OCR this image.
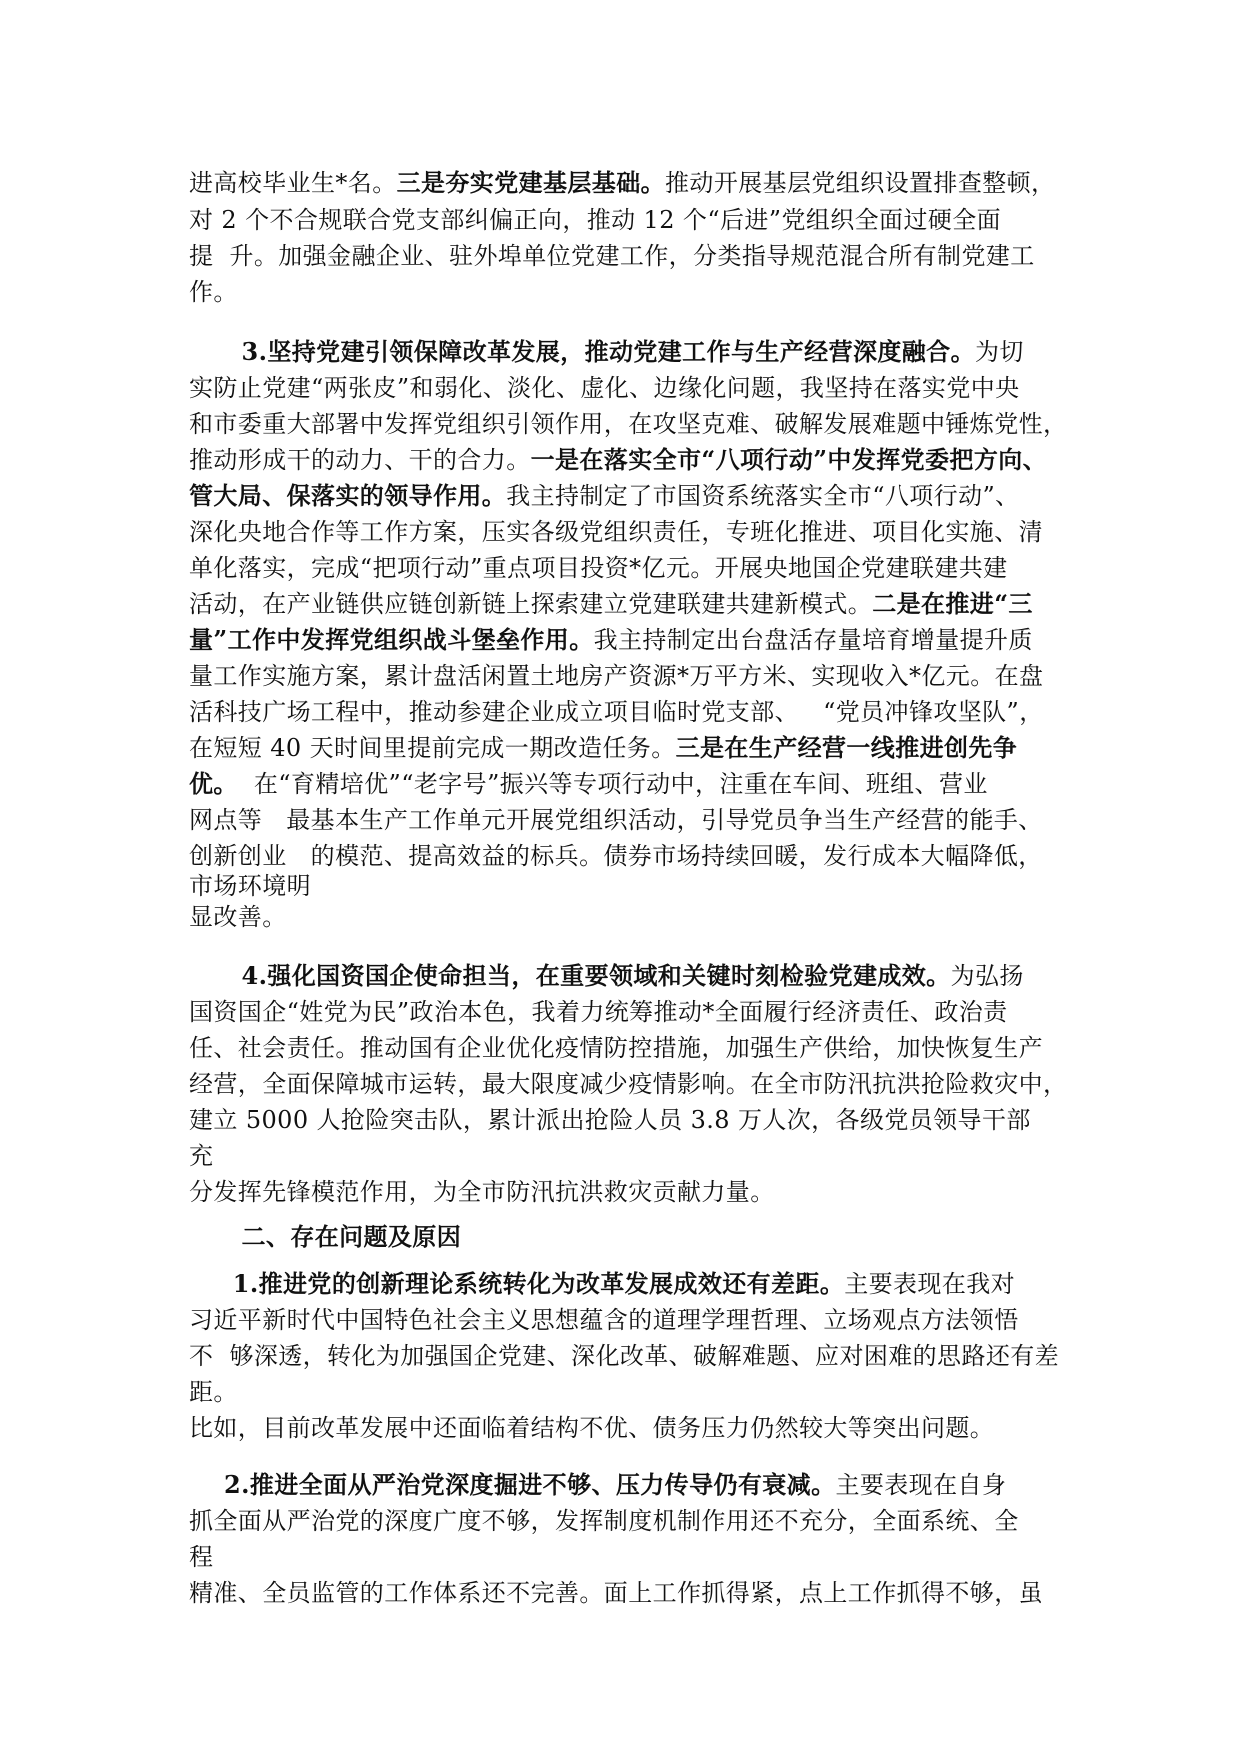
进高校毕业生*名。三是夯实党建基层基础。推动开展基层党组织设置排查整顿，
对 2 个不合规联合党支部纠偏正向，推动 12 个“后进”党组织全面过硬全面
提  升。加强金融企业、驻外埠单位党建工作，分类指导规范混合所有制党建工
作。
3.坚持党建引领保障改革发展，推动党建工作与生产经营深度融合。为切
实防止党建“两张皮”和弱化、淡化、虚化、边缘化问题，我坚持在落实党中央
和市委重大部署中发挥党组织引领作用，在攻坚克难、破解发展难题中锤炼党性，
推动形成干的动力、干的合力。一是在落实全市“八项行动”中发挥党委把方向、
管大局、保落实的领导作用。我主持制定了市国资系统落实全市“八项行动”、
深化央地合作等工作方案，压实各级党组织责任，专班化推进、项目化实施、清
单化落实，完成“把项行动”重点项目投资*亿元。开展央地国企党建联建共建
活动，在产业链供应链创新链上探索建立党建联建共建新模式。二是在推进“三
量”工作中发挥党组织战斗堡垒作用。我主持制定出台盘活存量培育增量提升质
量工作实施方案，累计盘活闲置土地房产资源*万平方米、实现收入*亿元。在盘
活科技广场工程中，推动参建企业成立项目临时党支部、   “党员冲锋攻坚队”，
在短短 40 天时间里提前完成一期改造任务。三是在生产经营一线推进创先争
优。  在“育精培优”“老字号”振兴等专项行动中，注重在车间、班组、营业
网点等   最基本生产工作单元开展党组织活动，引导党员争当生产经营的能手、
创新创业   的模范、提高效益的标兵。债券市场持续回暖，发行成本大幅降低，
市场环境明
显改善。
4.强化国资国企使命担当，在重要领域和关键时刻检验党建成效。为弘扬
国资国企“姓党为民”政治本色，我着力统筹推动*全面履行经济责任、政治责
任、社会责任。推动国有企业优化疫情防控措施，加强生产供给，加快恢复生产
经营，全面保障城市运转，最大限度减少疫情影响。在全市防汛抗洪抢险救灾中，
建立 5000 人抢险突击队，累计派出抢险人员 3.8 万人次，各级党员领导干部
充
分发挥先锋模范作用，为全市防汛抗洪救灾贡献力量。
二、存在问题及原因
1.推进党的创新理论系统转化为改革发展成效还有差距。主要表现在我对
习近平新时代中国特色社会主义思想蕴含的道理学理哲理、立场观点方法领悟
不  够深透，转化为加强国企党建、深化改革、破解难题、应对困难的思路还有差
距。
比如，目前改革发展中还面临着结构不优、债务压力仍然较大等突出问题。
2.推进全面从严治党深度掘进不够、压力传导仍有衰减。主要表现在自身
抓全面从严治党的深度广度不够，发挥制度机制作用还不充分，全面系统、全
程
精准、全员监管的工作体系还不完善。面上工作抓得紧，点上工作抓得不够，虽
